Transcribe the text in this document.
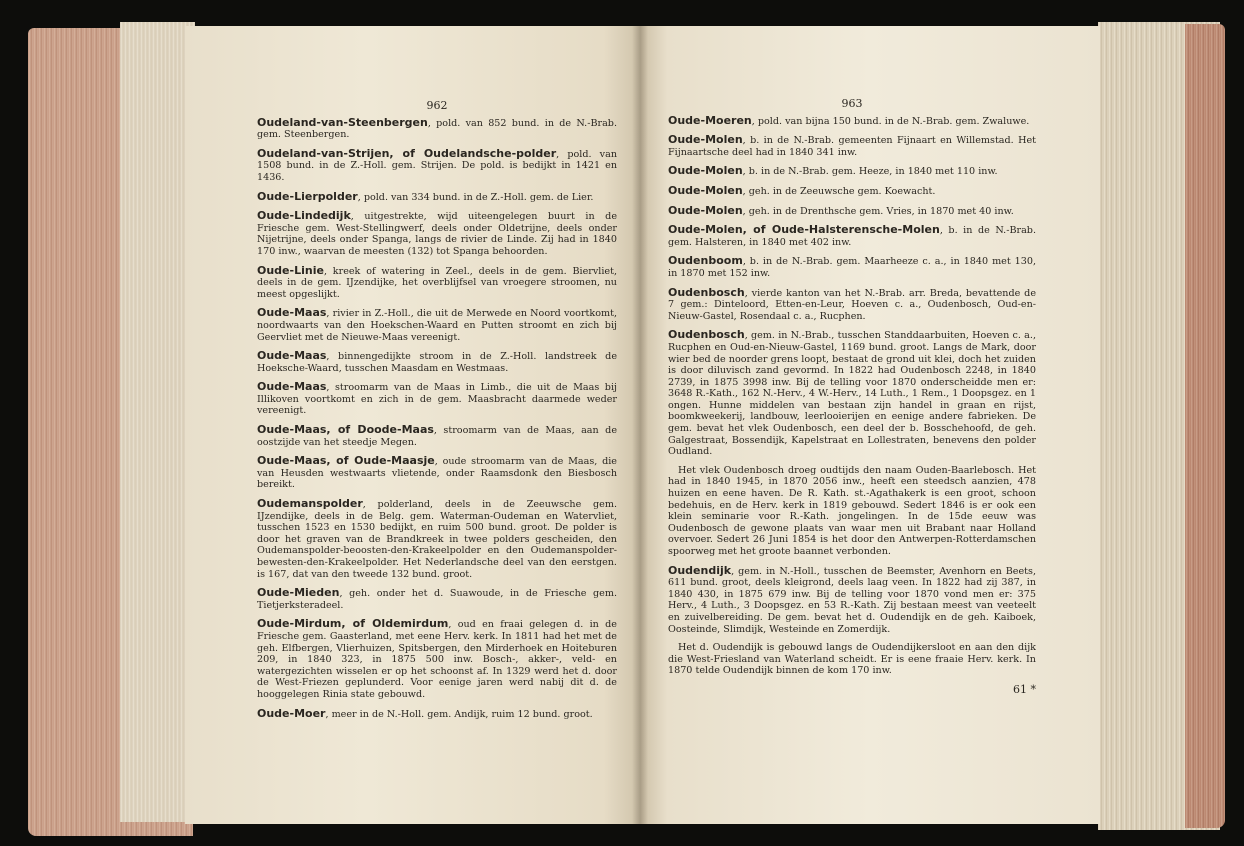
962

Oudeland-van-Steenbergen, pold. van 852 bund. in de N.-Brab. gem. Steenbergen.

Oudeland-van-Strijen, of Oudelandsche-polder, pold. van 1508 bund. in de Z.-Holl. gem. Strijen. De pold. is bedijkt in 1421 en 1436.

Oude-Lierpolder, pold. van 334 bund. in de Z.-Holl. gem. de Lier.

Oude-Lindedijk, uitgestrekte, wijd uiteengelegen buurt in de Friesche gem. West-Stellingwerf, deels onder Oldetrijne, deels onder Nijetrijne, deels onder Spanga, langs de rivier de Linde. Zij had in 1840 170 inw., waarvan de meesten (132) tot Spanga behoorden.

Oude-Linie, kreek of watering in Zeel., deels in de gem. Biervliet, deels in de gem. IJzendijke, het overblijfsel van vroegere stroomen, nu meest opgeslijkt.

Oude-Maas, rivier in Z.-Holl., die uit de Merwede en Noord voortkomt, noordwaarts van den Hoekschen-Waard en Putten stroomt en zich bij Geervliet met de Nieuwe-Maas vereenigt.

Oude-Maas, binnengedijkte stroom in de Z.-Holl. landstreek de Hoeksche-Waard, tusschen Maasdam en Westmaas.

Oude-Maas, stroomarm van de Maas in Limb., die uit de Maas bij Illikoven voortkomt en zich in de gem. Maasbracht daarmede weder vereenigt.

Oude-Maas, of Doode-Maas, stroomarm van de Maas, aan de oostzijde van het steedje Megen.

Oude-Maas, of Oude-Maasje, oude stroomarm van de Maas, die van Heusden westwaarts vlietende, onder Raamsdonk den Biesbosch bereikt.

Oudemanspolder, polderland, deels in de Zeeuwsche gem. IJzendijke, deels in de Belg. gem. Waterman-Oudeman en Watervliet, tusschen 1523 en 1530 bedijkt, en ruim 500 bund. groot. De polder is door het graven van de Brandkreek in twee polders gescheiden, den Oudemanspolder-beoosten-den-Krakeelpolder en den Oudemanspolder-bewesten-den-Krakeelpolder. Het Nederlandsche deel van den eerstgen. is 167, dat van den tweede 132 bund. groot.

Oude-Mieden, geh. onder het d. Suawoude, in de Friesche gem. Tietjerksteradeel.

Oude-Mirdum, of Oldemirdum, oud en fraai gelegen d. in de Friesche gem. Gaasterland, met eene Herv. kerk. In 1811 had het met de geh. Elfbergen, Vlierhuizen, Spitsbergen, den Mirderhoek en Hoiteburen 209, in 1840 323, in 1875 500 inw. Bosch-, akker-, veld- en watergezichten wisselen er op het schoonst af. In 1329 werd het d. door de West-Friezen geplunderd. Voor eenige jaren werd nabij dit d. de hooggelegen Rinia state gebouwd.

Oude-Moer, meer in de N.-Holl. gem. Andijk, ruim 12 bund. groot.

963

Oude-Moeren, pold. van bijna 150 bund. in de N.-Brab. gem. Zwaluwe.

Oude-Molen, b. in de N.-Brab. gemeenten Fijnaart en Willemstad. Het Fijnaartsche deel had in 1840 341 inw.

Oude-Molen, b. in de N.-Brab. gem. Heeze, in 1840 met 110 inw.

Oude-Molen, geh. in de Zeeuwsche gem. Koewacht.

Oude-Molen, geh. in de Drenthsche gem. Vries, in 1870 met 40 inw.

Oude-Molen, of Oude-Halsterensche-Molen, b. in de N.-Brab. gem. Halsteren, in 1840 met 402 inw.

Oudenboom, b. in de N.-Brab. gem. Maarheeze c. a., in 1840 met 130, in 1870 met 152 inw.

Oudenbosch, vierde kanton van het N.-Brab. arr. Breda, bevattende de 7 gem.: Dinteloord, Etten-en-Leur, Hoeven c. a., Oudenbosch, Oud-en-Nieuw-Gastel, Rosendaal c. a., Rucphen.

Oudenbosch, gem. in N.-Brab., tusschen Standdaarbuiten, Hoeven c. a., Rucphen en Oud-en-Nieuw-Gastel, 1169 bund. groot. Langs de Mark, door wier bed de noorder grens loopt, bestaat de grond uit klei, doch het zuiden is door diluvisch zand gevormd. In 1822 had Oudenbosch 2248, in 1840 2739, in 1875 3998 inw. Bij de telling voor 1870 onderscheidde men er: 3648 R.-Kath., 162 N.-Herv., 4 W.-Herv., 14 Luth., 1 Rem., 1 Doopsgez. en 1 ongen. Hunne middelen van bestaan zijn handel in graan en rijst, boomkweekerij, landbouw, leerlooierijen en eenige andere fabrieken. De gem. bevat het vlek Oudenbosch, een deel der b. Bosschehoofd, de geh. Galgestraat, Bossendijk, Kapelstraat en Lollestraten, benevens den polder Oudland.

Het vlek Oudenbosch droeg oudtijds den naam Ouden-Baarlebosch. Het had in 1840 1945, in 1870 2056 inw., heeft een steedsch aanzien, 478 huizen en eene haven. De R. Kath. st.-Agathakerk is een groot, schoon bedehuis, en de Herv. kerk in 1819 gebouwd. Sedert 1846 is er ook een klein seminarie voor R.-Kath. jongelingen. In de 15de eeuw was Oudenbosch de gewone plaats van waar men uit Brabant naar Holland overvoer. Sedert 26 Juni 1854 is het door den Antwerpen-Rotterdamschen spoorweg met het groote baannet verbonden.

Oudendijk, gem. in N.-Holl., tusschen de Beemster, Avenhorn en Beets, 611 bund. groot, deels kleigrond, deels laag veen. In 1822 had zij 387, in 1840 430, in 1875 679 inw. Bij de telling voor 1870 vond men er: 375 Herv., 4 Luth., 3 Doopsgez. en 53 R.-Kath. Zij bestaan meest van veeteelt en zuivelbereiding. De gem. bevat het d. Oudendijk en de geh. Kaiboek, Oosteinde, Slimdijk, Westeinde en Zomerdijk.

Het d. Oudendijk is gebouwd langs de Oudendijkersloot en aan den dijk die West-Friesland van Waterland scheidt. Er is eene fraaie Herv. kerk. In 1870 telde Oudendijk binnen de kom 170 inw.

61 *
